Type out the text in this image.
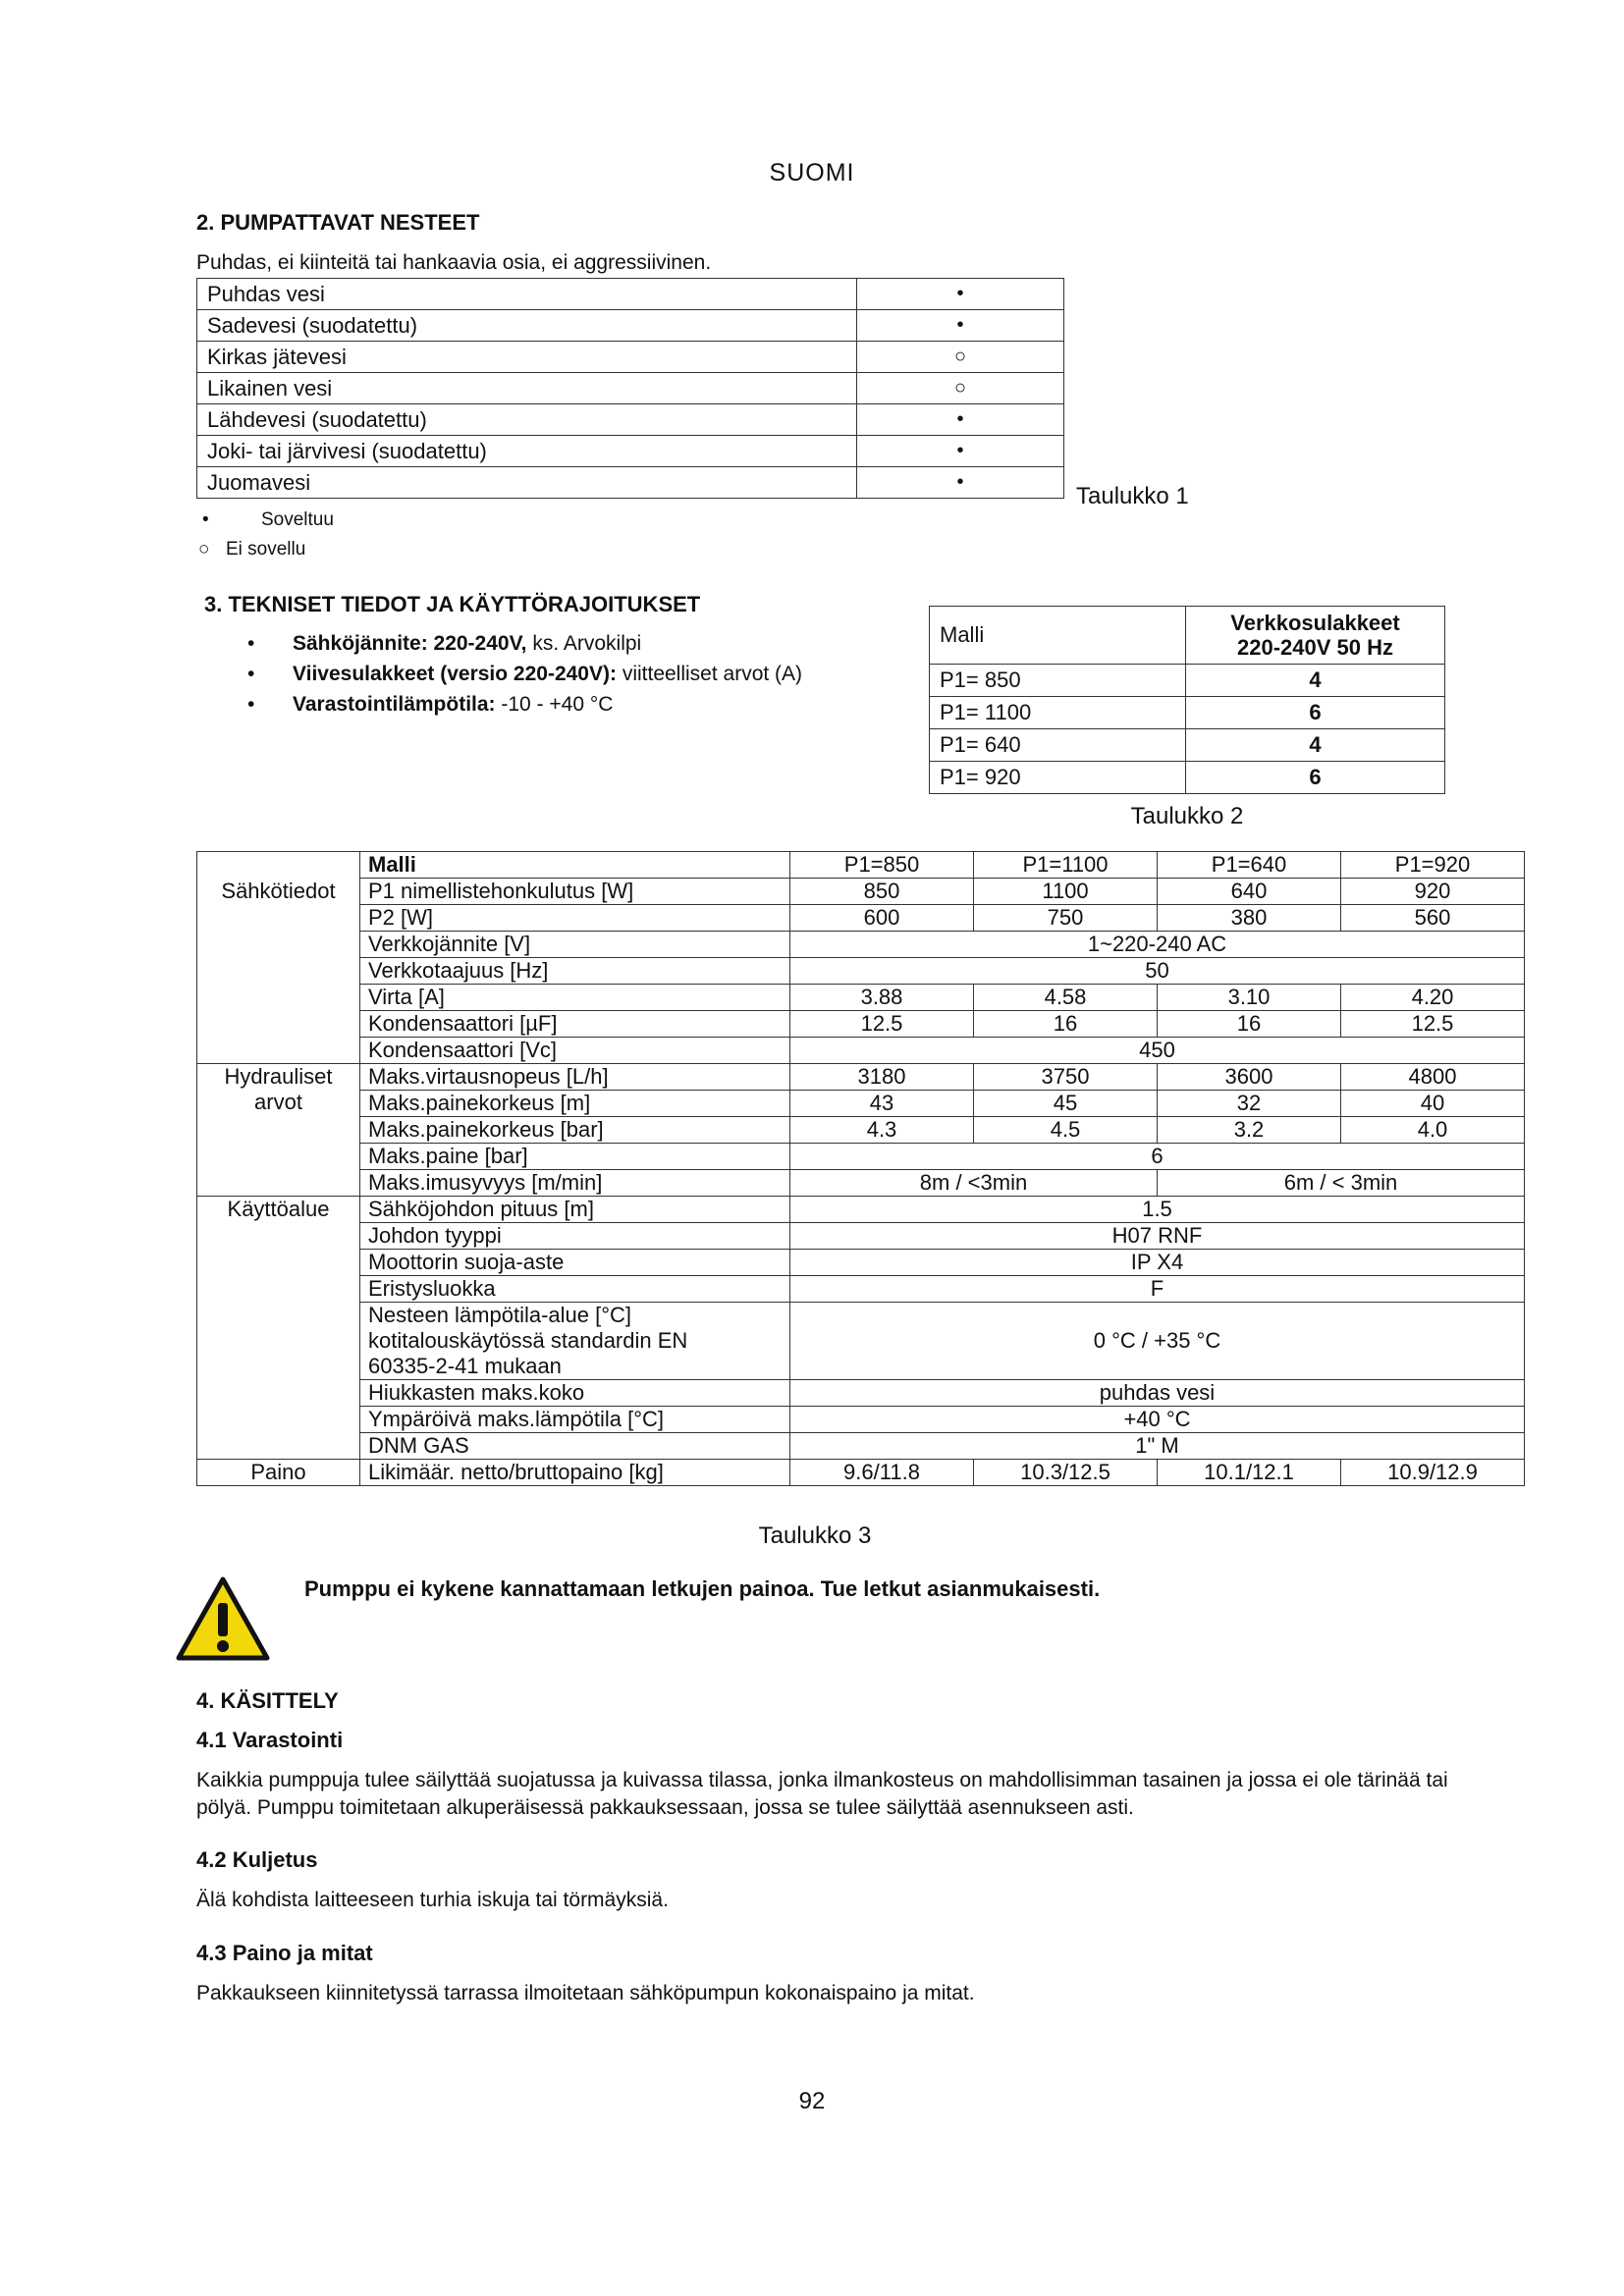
SUOMI
2. PUMPATTAVAT NESTEET
Puhdas, ei kiinteitä tai hankaavia osia, ei aggressiivinen.
Puhdas vesi	•
Sadevesi (suodatettu)	•
Kirkas jätevesi	○
Likainen vesi	○
Lähdevesi (suodatettu)	•
Joki- tai järvivesi (suodatettu)	•
Juomavesi	•
Taulukko 1
•	Soveltuu
○ Ei sovellu
3. TEKNISET TIEDOT JA KÄYTTÖRAJOITUKSET
• Sähköjännite: 220-240V, ks. Arvokilpi
• Viivesulakkeet (versio 220-240V): viitteelliset arvot (A)
• Varastointilämpötila: -10 - +40 °C
Malli	Verkkosulakkeet
220-240V 50 Hz
P1= 850	4
P1= 1100	6
P1= 640	4
P1= 920	6
Taulukko 2
	Malli	P1=850	P1=1100	P1=640	P1=920
Sähkötiedot	P1 nimellistehonkulutus [W]	850	1100	640	920
	P2 [W]	600	750	380	560
	Verkkojännite [V]	1~220-240 AC			
	Verkkotaajuus [Hz]	50			
	Virta [A]	3.88	4.58	3.10	4.20
	Kondensaattori [µF]	12.5	16	16	12.5
	Kondensaattori [Vc]	450			
Hydrauliset
arvot	Maks.virtausnopeus [L/h]	3180	3750	3600	4800
	Maks.painekorkeus [m]	43	45	32	40
	Maks.painekorkeus [bar]	4.3	4.5	3.2	4.0
	Maks.paine [bar]	6			
	Maks.imusyvyys [m/min]	8m / <3min		6m / < 3min	
Käyttöalue	Sähköjohdon pituus [m]	1.5			
	Johdon tyyppi	H07 RNF			
	Moottorin suoja-aste	IP X4			
	Eristysluokka	F			
	Nesteen lämpötila-alue [°C]
kotitalouskäytössä standardin EN
60335-2-41 mukaan	0 °C / +35 °C			
	Hiukkasten maks.koko	puhdas vesi			
	Ympäröivä maks.lämpötila [°C]	+40 °C			
	DNM GAS	1" M			
Paino	Likimäär. netto/bruttopaino [kg]	9.6/11.8	10.3/12.5	10.1/12.1	10.9/12.9
Taulukko 3
Pumppu ei kykene kannattamaan letkujen painoa. Tue letkut asianmukaisesti.
4. KÄSITTELY
4.1 Varastointi
Kaikkia pumppuja tulee säilyttää suojatussa ja kuivassa tilassa, jonka ilmankosteus on mahdollisimman tasainen ja jossa ei ole tärinää tai pölyä. Pumppu toimitetaan alkuperäisessä pakkauksessaan, jossa se tulee säilyttää asennukseen asti.
4.2 Kuljetus
Älä kohdista laitteeseen turhia iskuja tai törmäyksiä.
4.3 Paino ja mitat
Pakkaukseen kiinnitetyssä tarrassa ilmoitetaan sähköpumpun kokonaispaino ja mitat.
92
